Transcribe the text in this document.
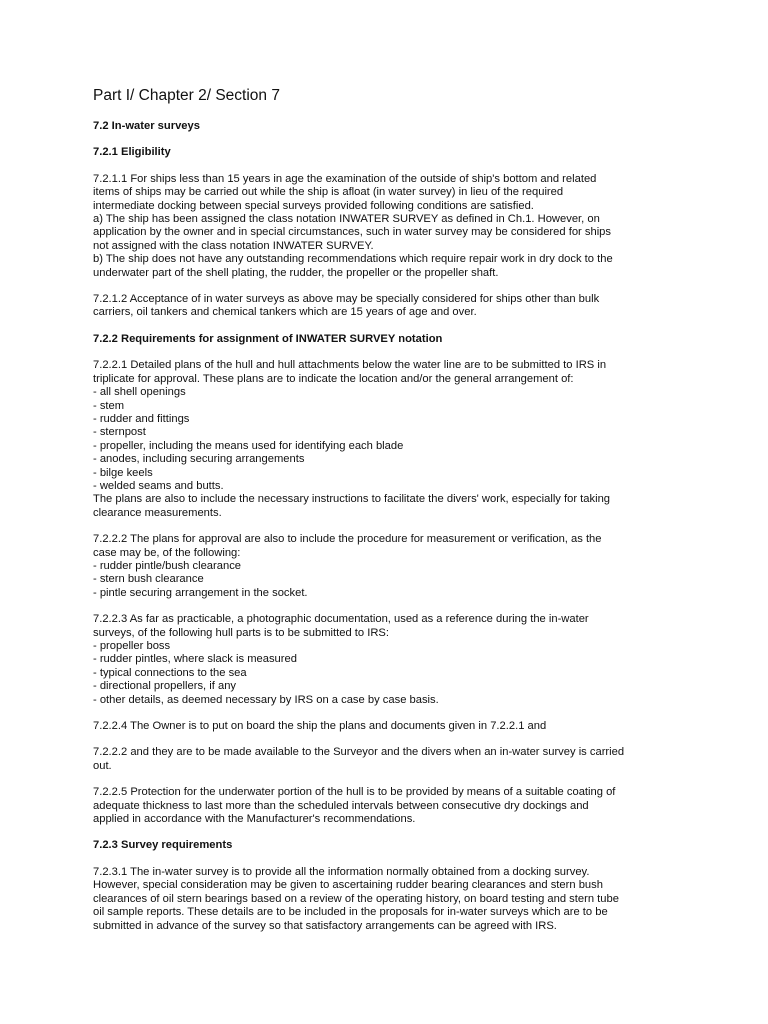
Part I/ Chapter 2/ Section 7
7.2 In-water surveys
7.2.1 Eligibility

7.2.1.1 For ships less than 15 years in age the examination of the outside of ship's bottom and related
items of ships may be carried out while the ship is afloat (in water survey) in lieu of the required
intermediate docking between special surveys provided following conditions are satisfied.
a) The ship has been assigned the class notation INWATER SURVEY as defined in Ch.1. However, on
application by the owner and in special circumstances, such in water survey may be considered for ships
not assigned with the class notation INWATER SURVEY.
b) The ship does not have any outstanding recommendations which require repair work in dry dock to the
underwater part of the shell plating, the rudder, the propeller or the propeller shaft.

7.2.1.2 Acceptance of in water surveys as above may be specially considered for ships other than bulk
carriers, oil tankers and chemical tankers which are 15 years of age and over.

7.2.2 Requirements for assignment of INWATER SURVEY notation

7.2.2.1 Detailed plans of the hull and hull attachments below the water line are to be submitted to IRS in
triplicate for approval. These plans are to indicate the location and/or the general arrangement of:
- all shell openings
- stem
- rudder and fittings
- sternpost
- propeller, including the means used for identifying each blade
- anodes, including securing arrangements
- bilge keels
- welded seams and butts.
The plans are also to include the necessary instructions to facilitate the divers' work, especially for taking
clearance measurements.

7.2.2.2 The plans for approval are also to include the procedure for measurement or verification, as the
case may be, of the following:
- rudder pintle/bush clearance
- stern bush clearance
- pintle securing arrangement in the socket.

7.2.2.3 As far as practicable, a photographic documentation, used as a reference during the in-water
surveys, of the following hull parts is to be submitted to IRS:
- propeller boss
- rudder pintles, where slack is measured
- typical connections to the sea
- directional propellers, if any
- other details, as deemed necessary by IRS on a case by case basis.

7.2.2.4 The Owner is to put on board the ship the plans and documents given in 7.2.2.1 and

7.2.2.2 and they are to be made available to the Surveyor and the divers when an in-water survey is carried
out.

7.2.2.5 Protection for the underwater portion of the hull is to be provided by means of a suitable coating of
adequate thickness to last more than the scheduled intervals between consecutive dry dockings and
applied in accordance with the Manufacturer's recommendations.

7.2.3 Survey requirements

7.2.3.1 The in-water survey is to provide all the information normally obtained from a docking survey.
However, special consideration may be given to ascertaining rudder bearing clearances and stern bush
clearances of oil stern bearings based on a review of the operating history, on board testing and stern tube
oil sample reports. These details are to be included in the proposals for in-water surveys which are to be
submitted in advance of the survey so that satisfactory arrangements can be agreed with IRS.
